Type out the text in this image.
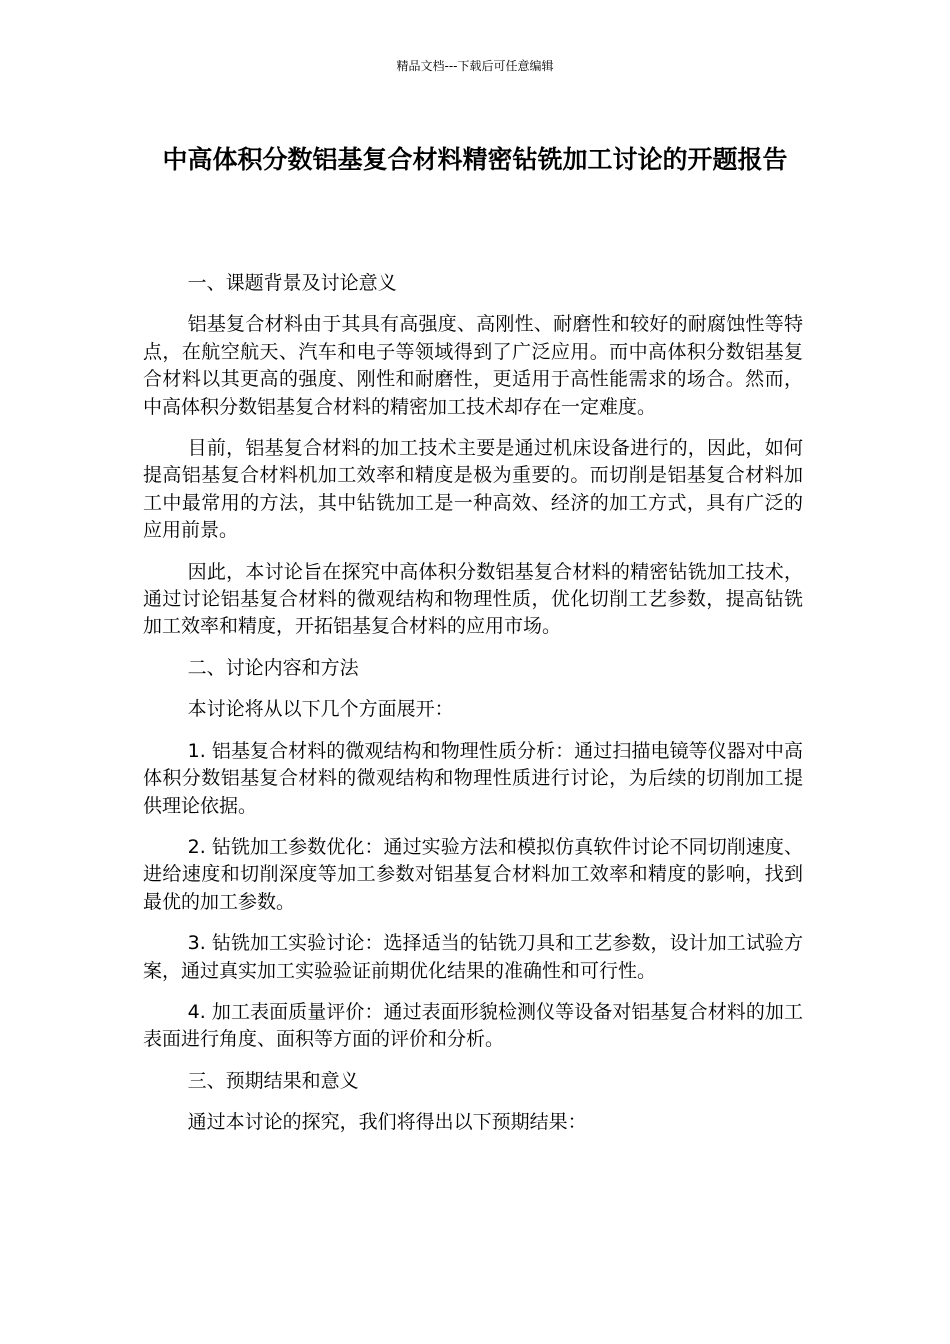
精品文档---下载后可任意编辑
中高体积分数铝基复合材料精密钻铣加工讨论的开题报告

一、课题背景及讨论意义

铝基复合材料由于其具有高强度、高刚性、耐磨性和较好的耐腐蚀性等特点，在航空航天、汽车和电子等领域得到了广泛应用。而中高体积分数铝基复合材料以其更高的强度、刚性和耐磨性，更适用于高性能需求的场合。然而，中高体积分数铝基复合材料的精密加工技术却存在一定难度。

目前，铝基复合材料的加工技术主要是通过机床设备进行的，因此，如何提高铝基复合材料机加工效率和精度是极为重要的。而切削是铝基复合材料加工中最常用的方法，其中钻铣加工是一种高效、经济的加工方式，具有广泛的应用前景。

因此，本讨论旨在探究中高体积分数铝基复合材料的精密钻铣加工技术，通过讨论铝基复合材料的微观结构和物理性质，优化切削工艺参数，提高钻铣加工效率和精度，开拓铝基复合材料的应用市场。

二、讨论内容和方法

本讨论将从以下几个方面展开：

1. 铝基复合材料的微观结构和物理性质分析：通过扫描电镜等仪器对中高体积分数铝基复合材料的微观结构和物理性质进行讨论，为后续的切削加工提供理论依据。

2. 钻铣加工参数优化：通过实验方法和模拟仿真软件讨论不同切削速度、进给速度和切削深度等加工参数对铝基复合材料加工效率和精度的影响，找到最优的加工参数。

3. 钻铣加工实验讨论：选择适当的钻铣刀具和工艺参数，设计加工试验方案，通过真实加工实验验证前期优化结果的准确性和可行性。

4. 加工表面质量评价：通过表面形貌检测仪等设备对铝基复合材料的加工表面进行角度、面积等方面的评价和分析。

三、预期结果和意义

通过本讨论的探究，我们将得出以下预期结果：
